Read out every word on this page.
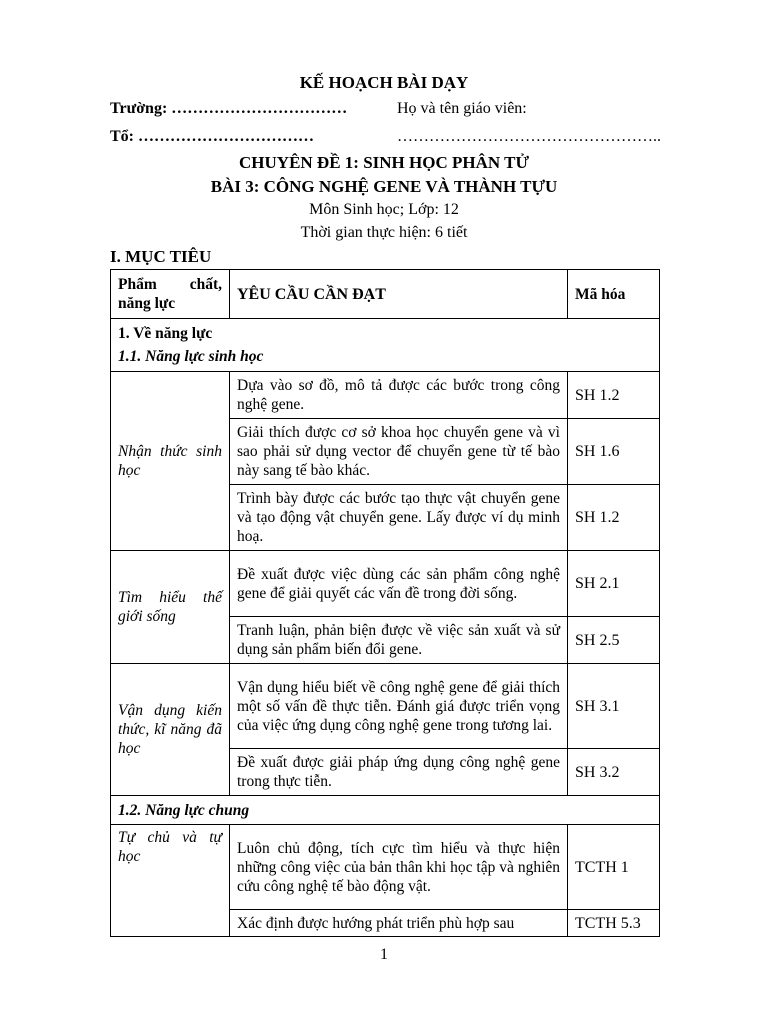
KẾ HOẠCH BÀI DẠY
Trường: ……………………………	Họ và tên giáo viên:
Tổ: ……………………………	…………………………………………..
CHUYÊN ĐỀ 1: SINH HỌC PHÂN TỬ
BÀI 3: CÔNG NGHỆ GENE VÀ THÀNH TỰU
Môn Sinh học; Lớp: 12
Thời gian thực hiện: 6 tiết
I. MỤC TIÊU
Phẩm chất, năng lực	YÊU CẦU CẦN ĐẠT	Mã hóa

1. Về năng lực
1.1. Năng lực sinh học		

Nhận thức sinh học	Dựa vào sơ đồ, mô tả được các bước trong công nghệ gene.	SH 1.2
	Giải thích được cơ sở khoa học chuyển gene và vì sao phải sử dụng vector để chuyển gene từ tế bào này sang tế bào khác.	SH 1.6
	Trình bày được các bước tạo thực vật chuyển gene và tạo động vật chuyển gene. Lấy được ví dụ minh hoạ.	SH 1.2
Tìm hiểu thế giới sống	Đề xuất được việc dùng các sản phẩm công nghệ gene để giải quyết các vấn đề trong đời sống.	SH 2.1
	Tranh luận, phản biện được về việc sản xuất và sử dụng sản phẩm biến đổi gene.	SH 2.5
Vận dụng kiến thức, kĩ năng đã học	Vận dụng hiểu biết về công nghệ gene để giải thích một số vấn đề thực tiễn. Đánh giá được triển vọng của việc ứng dụng công nghệ gene trong tương lai.	SH 3.1
	Đề xuất được giải pháp ứng dụng công nghệ gene trong thực tiễn.	SH 3.2
1.2. Năng lực chung		
Tự chủ và tự học	Luôn chủ động, tích cực tìm hiểu và thực hiện những công việc của bản thân khi học tập và nghiên cứu công nghệ tế bào động vật.	TCTH 1
	Xác định được hướng phát triển phù hợp sau	TCTH 5.3
1
